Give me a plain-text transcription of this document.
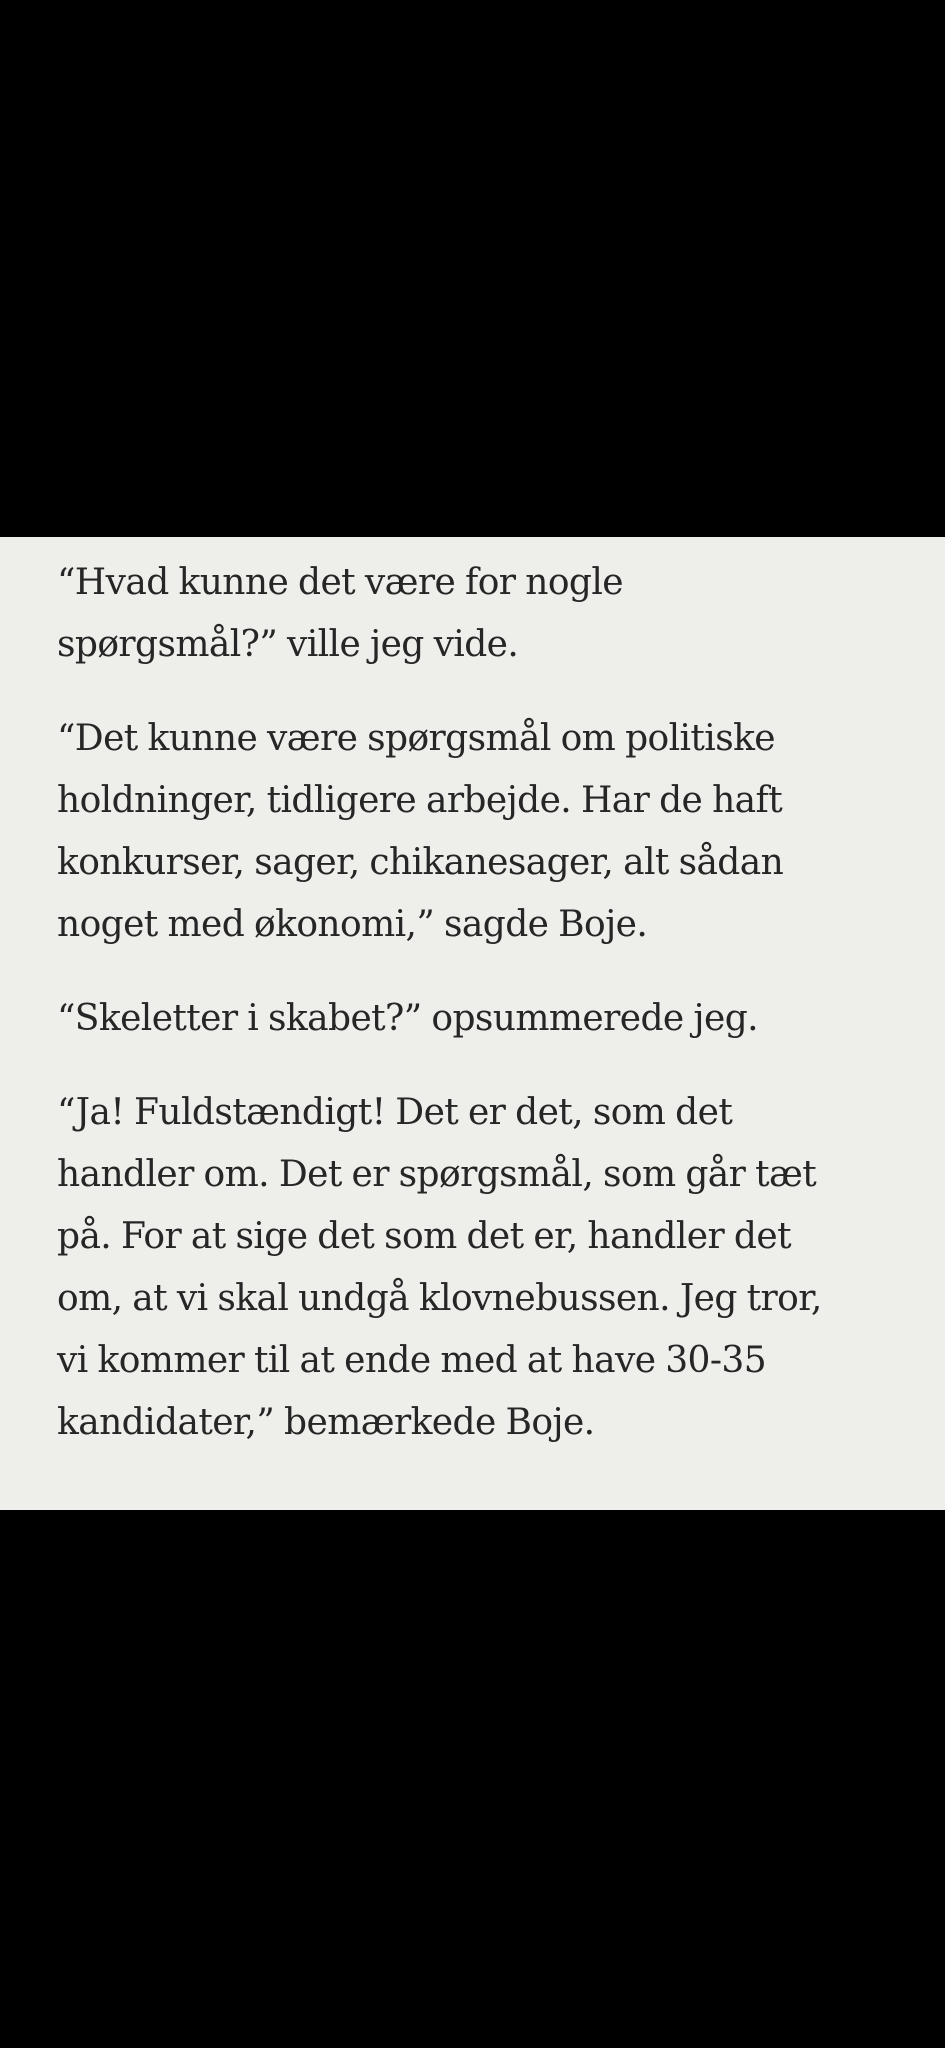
“Hvad kunne det være for nogle
spørgsmål?” ville jeg vide.

“Det kunne være spørgsmål om politiske
holdninger, tidligere arbejde. Har de haft
konkurser, sager, chikanesager, alt sådan
noget med økonomi,” sagde Boje.

“Skeletter i skabet?” opsummerede jeg.

“Ja! Fuldstændigt! Det er det, som det
handler om. Det er spørgsmål, som går tæt
på. For at sige det som det er, handler det
om, at vi skal undgå klovnebussen. Jeg tror,
vi kommer til at ende med at have 30-35
kandidater,” bemærkede Boje.
